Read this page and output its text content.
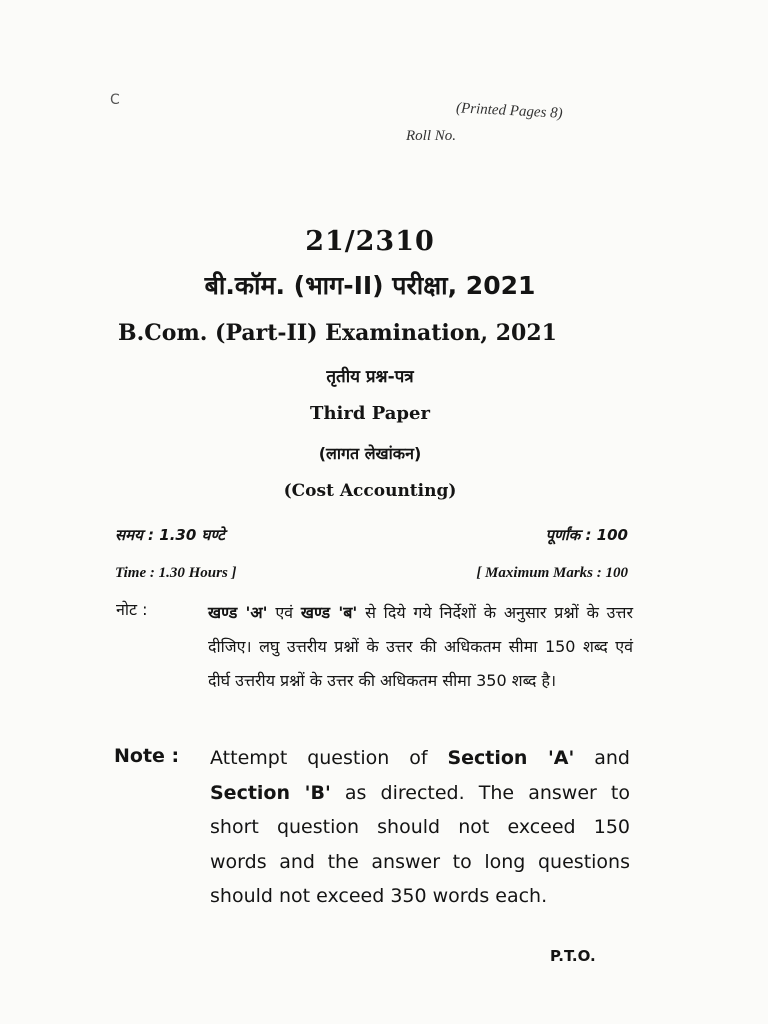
C
(Printed Pages 8)
Roll No.
21/2310
बी.कॉम. (भाग-II) परीक्षा, 2021
B.Com. (Part-II) Examination, 2021
तृतीय प्रश्न-पत्र
Third Paper
(लागत लेखांकन)
(Cost Accounting)
समय : 1.30 घण्टे	पूर्णांक : 100
Time : 1.30 Hours ]	[ Maximum Marks : 100
नोट :	खण्ड 'अ' एवं खण्ड 'ब' से दिये गये निर्देशों के अनुसार प्रश्नों के उत्तर दीजिए। लघु उत्तरीय प्रश्नों के उत्तर की अधिकतम सीमा 150 शब्द एवं दीर्घ उत्तरीय प्रश्नों के उत्तर की अधिकतम सीमा 350 शब्द है।
Note : Attempt question of Section 'A' and Section 'B' as directed. The answer to short question should not exceed 150 words and the answer to long questions should not exceed 350 words each.
P.T.O.
